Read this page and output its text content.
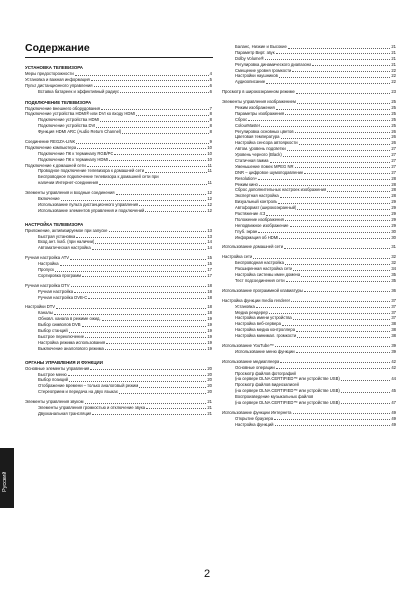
Содержание
УСТАНОВКА ТЕЛЕВИЗОРА
Меры предосторожности	4
Установка и важная информация	5
Пульт дистанционного управления	6
Вставка батареек и эффективный радиус	6
ПОДКЛЮЧЕНИЕ ТЕЛЕВИЗОРА
Подключение внешнего оборудования	7
Подключение устройства HDMI® или DVI ко входу HDMI	8
Подключение устройства HDMI	8
Подключение устройства DVI	8
Функция HDMI ARC (Audio Return Channel)	8
Соединение REGZA-LINK	9
Подключение компьютера	10
Подключение ПК к терминалу RGB/PC	10
Подключение ПК к терминалу HDMI	10
Подключение к домашней сети	11
Проводное подключение телевизора к домашней сети	11
Беспроводное подключение телевизора к домашней сети при
наличии Интернет-соединения	11
Элементы управления и входные соединения	12
Включение	12
Использование пульта дистанционного управления	12
Использование элементов управления и подключений	12
НАСТРОЙКА ТЕЛЕВИЗОРА
Приложение, активизируемое при запуске	13
Быстрая установка	13
Вход ант. /каб. (при наличии)	14
Автоматическая настройка	14
Ручная настройка ATV	15
Настройка	15
Пропуск	17
Сортировка программ	17
Ручная настройка DTV	18
Ручная настройка	18
Ручная настройка DVB-C	18
Настройки DTV	18
Каналы	18
Обновл. канала в режиме ожид.	19
Выбор символов DVB	19
Выбор станций	19
Быстрое переключение	19
Настройка режима использования	19
Выключение аналогового режима	19
ОРГАНЫ УПРАВЛЕНИЯ И ФУНКЦИИ
Основные элементы управления	20
Быстрое меню	20
Выбор позиций	20
Отображение времени – только аналоговый режим	20
Стереоприем и передача на двух языках	20
Элементы управления звуком	21
Элементы управления громкостью и отключение звука	21
Двухканальная трансляция	21
Баланс, Низкие и Высокие	21
Параметр Вирт. звук	21
Dolby Volume®	21
Регулировка динамического диапазона	21
Смещение уровня громкости	22
Настройки наушников	22
Аудиоописание	22
Просмотр в широкоэкранном режиме	23
Элементы управления изображением	25
Режим изображения	25
Параметры изображения	25
Сброс	25
ColourMaster	25
Регулировка основных цветов	26
Цветовая температура	26
Настройка сенсора автояркости	26
Автом. уровень подсветки	27
Уровень черного (Black)	27
Статичная гамма	27
Уменьшение помех MPEG NR	27
DNR – цифровое шумоподавление	27
Resolution+	28
Режим кино	28
Сброс дополнительных настроек изображения	28
Экспертная настройка	28
Визуальный контроль	29
Автоформат (широкоэкранный)	29
Растяжение 4:3	29
Положение изображения	29
Неподвижное изображение	29
Глуб. экран	30
Информация об HDMI	30
Использование домашней сети	31
Настройка сети	32
Беспроводная настройка	32
Расширенная настройка сети	34
Настройка системы имен домена	35
Тест подсоединения сети	35
Использование программной клавиатуры	36
Настройка функции media renderer	37
Установка	37
Медиа рендерер	37
Настройка имени устройства	37
Настройка веб-сервера	38
Настройка медиа контроллера	38
Настройка минимал. громкости	38
Использование YouTube™	39
Использование меню функции	39
Использование медиаплеера	42
Основные операции	42
Просмотр файлов фотографий
(на сервере DLNA CERTIFIED™ или устройстве USB)	44
Просмотр файлов видеозаписей
(на сервере DLNA CERTIFIED™ или устройстве USB)	45
Воспроизведение музыкальных файлов
(на сервере DLNA CERTIFIED™ или устройстве USB)	47
Использование функции Интернета	49
Открытие браузера	49
Настройка функций	49
Русский
2
